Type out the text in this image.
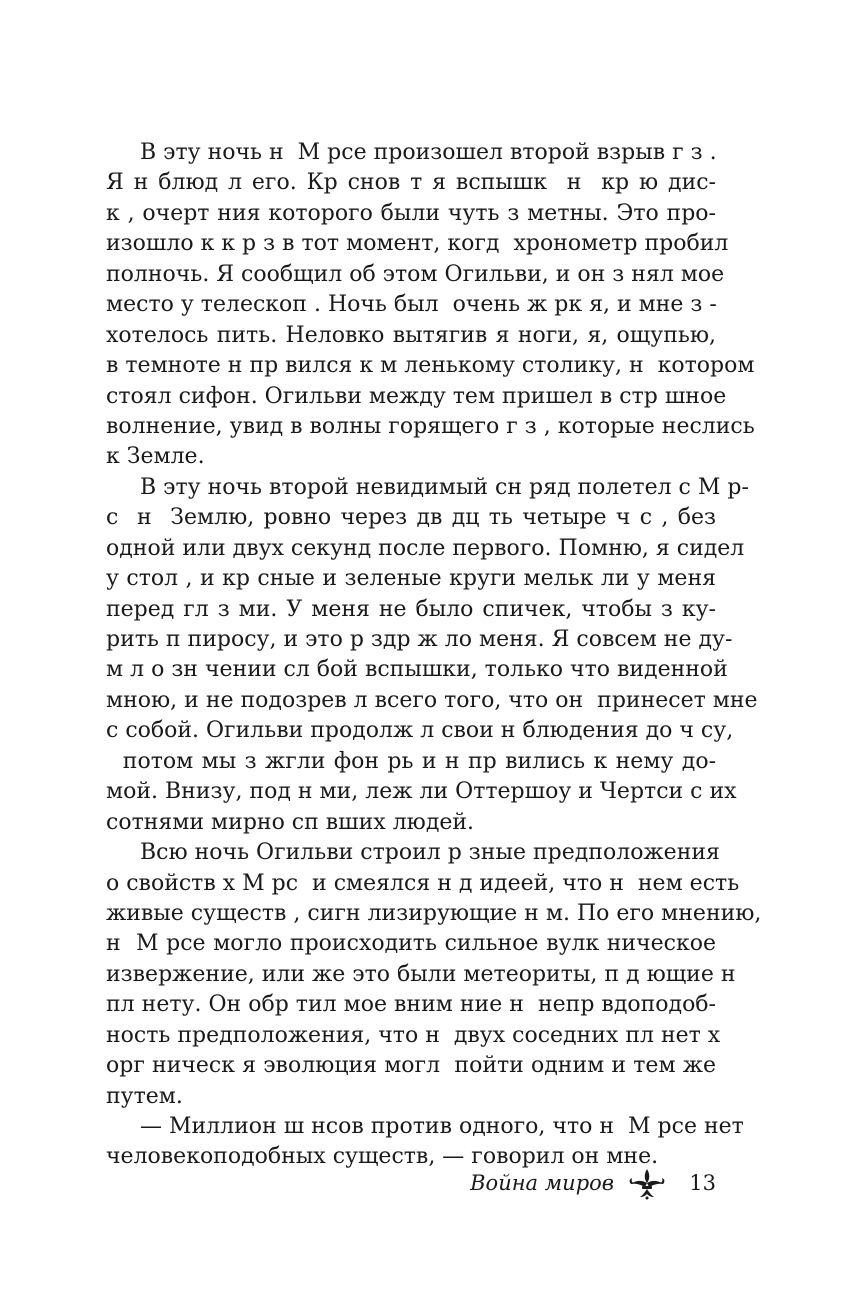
В эту ночь н  М рсе произошел второй взрыв г з .
Я н блюд л его. Кр снов т я вспышк  н  кр ю дис-
к , очерт ния которого были чуть з метны. Это про-
изошло к к р з в тот момент, когд  хронометр пробил
полночь. Я сообщил об этом Огильви, и он з нял мое
место у телескоп . Ночь был  очень ж рк я, и мне з -
хотелось пить. Неловко вытягив я ноги, я, ощупью,
в темноте н пр вился к м ленькому столику, н  котором
стоял сифон. Огильви между тем пришел в стр шное
волнение, увид в волны горящего г з , которые неслись
к Земле.
В эту ночь второй невидимый сн ряд полетел с М р-
с  н  Землю, ровно через дв дц ть четыре ч с , без
одной или двух секунд после первого. Помню, я сидел
у стол , и кр сные и зеленые круги мельк ли у меня
перед гл з ми. У меня не было спичек, чтобы з ку-
рить п пиросу, и это р здр ж ло меня. Я совсем не ду-
м л о зн чении сл бой вспышки, только что виденной
мною, и не подозрев л всего того, что он  принесет мне
с собой. Огильви продолж л свои н блюдения до ч су,
потом мы з жгли фон рь и н пр вились к нему до-
мой. Внизу, под н ми, леж ли Оттершоу и Чертси с их
сотнями мирно сп вших людей.
Всю ночь Огильви строил р зные предположения
о свойств х М рс  и смеялся н д идеей, что н  нем есть
живые существ , сигн лизирующие н м. По его мнению,
н  М рсе могло происходить сильное вулк ническое
извержение, или же это были метеориты, п д ющие н
пл нету. Он обр тил мое вним ние н  непр вдоподоб-
ность предположения, что н  двух соседних пл нет х
орг ническ я эволюция могл  пойти одним и тем же
путем.
— Миллион ш нсов против одного, что н  М рсе нет
человекоподобных существ, — говорил он мне.
Война миров	13
